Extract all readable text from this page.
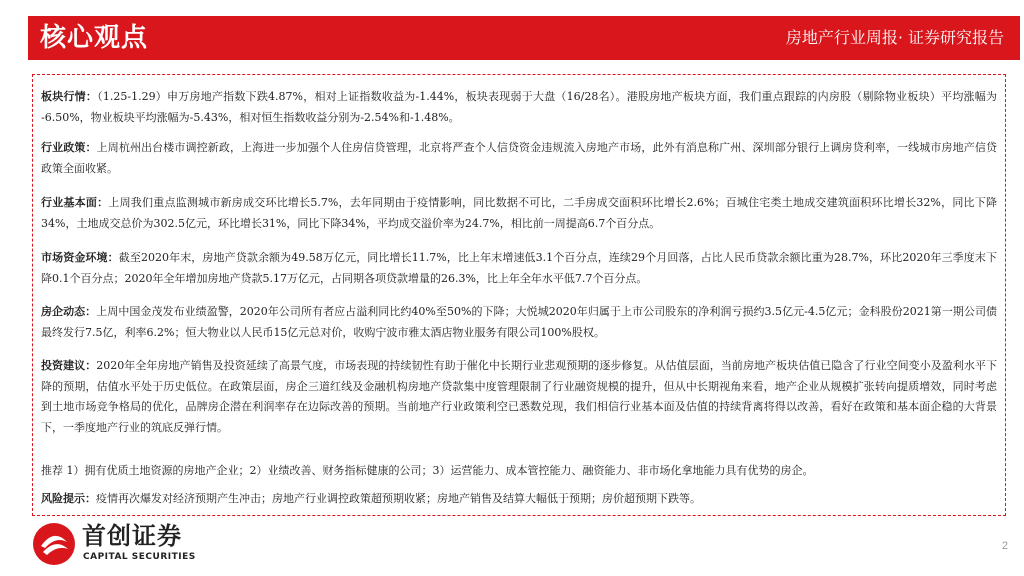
核心观点	房地产行业周报· 证券研究报告

板块行情：（1.25-1.29）申万房地产指数下跌4.87%，相对上证指数收益为-1.44%，板块表现弱于大盘（16/28名）。港股房地产板块方面，我们重点跟踪的内房股（剔除物业板块）平均涨幅为 -6.50%，物业板块平均涨幅为-5.43%，相对恒生指数收益分别为-2.54%和-1.48%。

行业政策：上周杭州出台楼市调控新政，上海进一步加强个人住房信贷管理，北京将严查个人信贷资金违规流入房地产市场，此外有消息称广州、深圳部分银行上调房贷利率，一线城市房地产信贷政策全面收紧。

行业基本面：上周我们重点监测城市新房成交环比增长5.7%，去年同期由于疫情影响，同比数据不可比，二手房成交面积环比增长2.6%；百城住宅类土地成交建筑面积环比增长32%，同比下降34%，土地成交总价为302.5亿元，环比增长31%，同比下降34%，平均成交溢价率为24.7%，相比前一周提高6.7个百分点。

市场资金环境：截至2020年末，房地产贷款余额为49.58万亿元，同比增长11.7%，比上年末增速低3.1个百分点，连续29个月回落，占比人民币贷款余额比重为28.7%，环比2020年三季度末下降0.1个百分点；2020年全年增加房地产贷款5.17万亿元，占同期各项贷款增量的26.3%，比上年全年水平低7.7个百分点。

房企动态：上周中国金茂发布业绩盈警，2020年公司所有者应占溢利同比约40%至50%的下降；大悦城2020年归属于上市公司股东的净利润亏损约3.5亿元-4.5亿元；金科股份2021第一期公司债最终发行7.5亿，利率6.2%；恒大物业以人民币15亿元总对价，收购宁波市雅太酒店物业服务有限公司100%股权。

投资建议：2020年全年房地产销售及投资延续了高景气度，市场表现的持续韧性有助于催化中长期行业悲观预期的逐步修复。从估值层面，当前房地产板块估值已隐含了行业空间变小及盈利水平下降的预期，估值水平处于历史低位。在政策层面，房企三道红线及金融机构房地产贷款集中度管理限制了行业融资规模的提升，但从中长期视角来看，地产企业从规模扩张转向提质增效，同时考虑到土地市场竞争格局的优化，品牌房企潜在利润率存在边际改善的预期。当前地产行业政策利空已悉数兑现，我们相信行业基本面及估值的持续背离将得以改善，看好在政策和基本面企稳的大背景下，一季度地产行业的筑底反弹行情。

推荐 1）拥有优质土地资源的房地产企业；2）业绩改善、财务指标健康的公司；3）运营能力、成本管控能力、融资能力、非市场化拿地能力具有优势的房企。

风险提示：疫情再次爆发对经济预期产生冲击；房地产行业调控政策超预期收紧；房地产销售及结算大幅低于预期；房价超预期下跌等。

首创证券
CAPITAL SECURITIES
2
